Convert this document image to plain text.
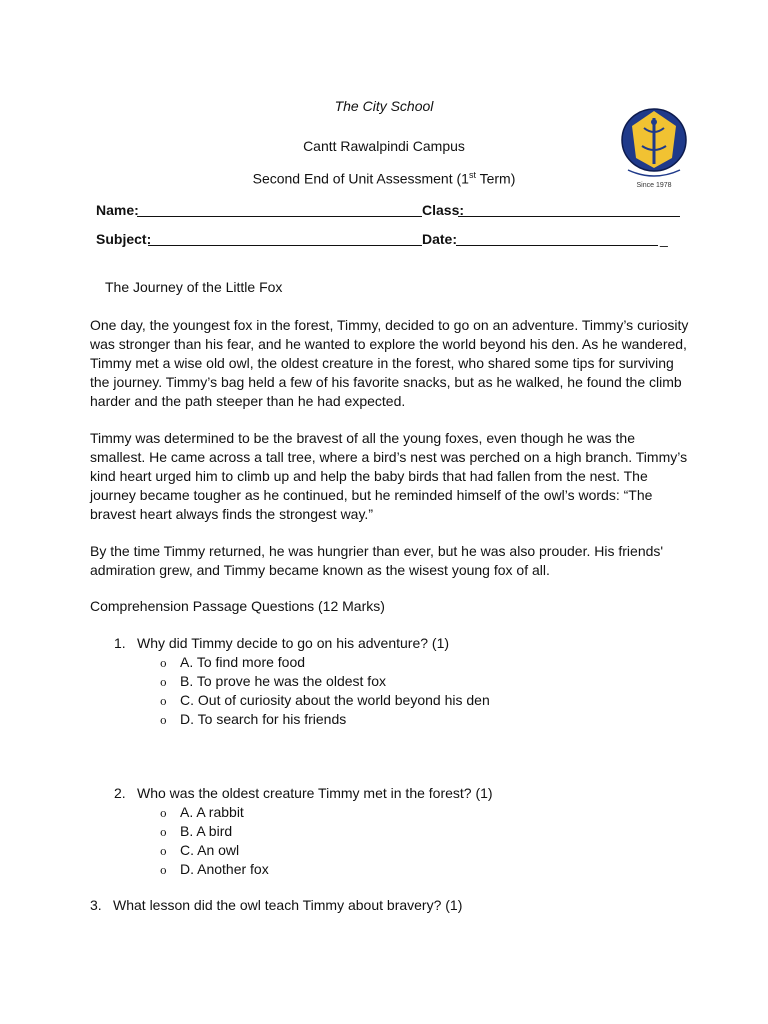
The City School
Cantt Rawalpindi Campus
Second End of Unit Assessment (1st Term)	Since 1978
Name:	Class:
Subject:	Date:	_
The Journey of the Little Fox
One day, the youngest fox in the forest, Timmy, decided to go on an adventure. Timmy’s curiosity was stronger than his fear, and he wanted to explore the world beyond his den. As he wandered, Timmy met a wise old owl, the oldest creature in the forest, who shared some tips for surviving the journey. Timmy’s bag held a few of his favorite snacks, but as he walked, he found the climb harder and the path steeper than he had expected.
Timmy was determined to be the bravest of all the young foxes, even though he was the smallest. He came across a tall tree, where a bird’s nest was perched on a high branch. Timmy’s kind heart urged him to climb up and help the baby birds that had fallen from the nest. The journey became tougher as he continued, but he reminded himself of the owl’s words: “The bravest heart always finds the strongest way.”
By the time Timmy returned, he was hungrier than ever, but he was also prouder. His friends' admiration grew, and Timmy became known as the wisest young fox of all.
Comprehension Passage Questions (12 Marks)
1. Why did Timmy decide to go on his adventure? (1)
o A. To find more food
o B. To prove he was the oldest fox
o C. Out of curiosity about the world beyond his den
o D. To search for his friends
2. Who was the oldest creature Timmy met in the forest? (1)
o A. A rabbit
o B. A bird
o C. An owl
o D. Another fox
3. What lesson did the owl teach Timmy about bravery? (1)
